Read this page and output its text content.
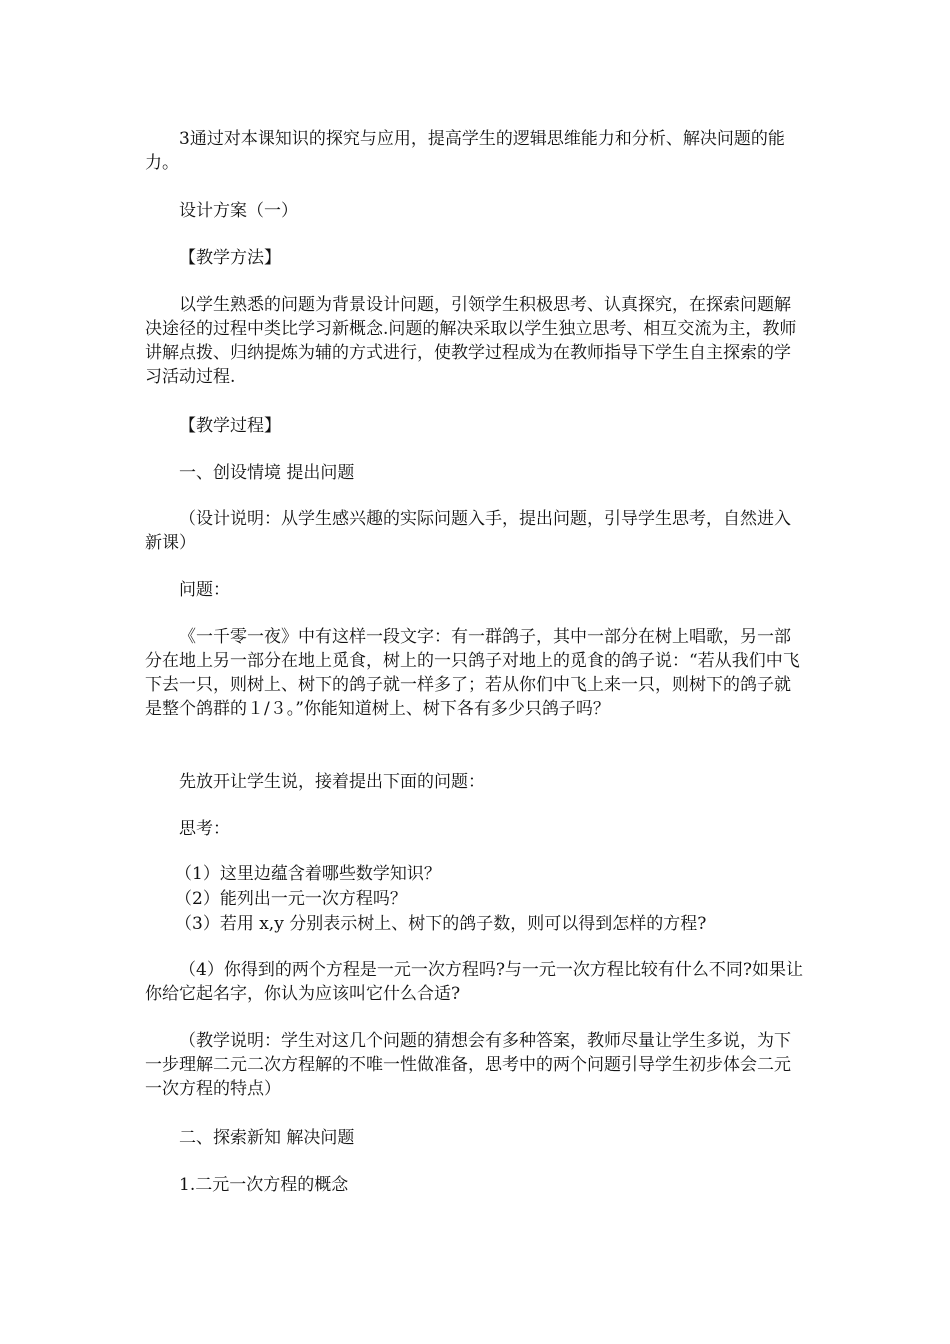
3通过对本课知识的探究与应用，提高学生的逻辑思维能力和分析、解决问题的能力。
设计方案（一）
【教学方法】
以学生熟悉的问题为背景设计问题，引领学生积极思考、认真探究，在探索问题解决途径的过程中类比学习新概念.问题的解决采取以学生独立思考、相互交流为主，教师讲解点拨、归纳提炼为辅的方式进行，使教学过程成为在教师指导下学生自主探索的学习活动过程.
【教学过程】
一、创设情境 提出问题
（设计说明：从学生感兴趣的实际问题入手，提出问题，引导学生思考，自然进入新课）
问题：
《一千零一夜》中有这样一段文字：有一群鸽子，其中一部分在树上唱歌，另一部分在地上另一部分在地上觅食，树上的一只鸽子对地上的觅食的鸽子说：“若从我们中飞下去一只，则树上、树下的鸽子就一样多了；若从你们中飞上来一只，则树下的鸽子就是整个鸽群的１/３。”你能知道树上、树下各有多少只鸽子吗？
先放开让学生说，接着提出下面的问题：
思考：
（1）这里边蕴含着哪些数学知识？
（2）能列出一元一次方程吗？
（3）若用 x,y 分别表示树上、树下的鸽子数，则可以得到怎样的方程?
（4）你得到的两个方程是一元一次方程吗?与一元一次方程比较有什么不同?如果让你给它起名字，你认为应该叫它什么合适?
（教学说明：学生对这几个问题的猜想会有多种答案，教师尽量让学生多说，为下一步理解二元二次方程解的不唯一性做准备，思考中的两个问题引导学生初步体会二元一次方程的特点）
二、探索新知 解决问题
1.二元一次方程的概念
